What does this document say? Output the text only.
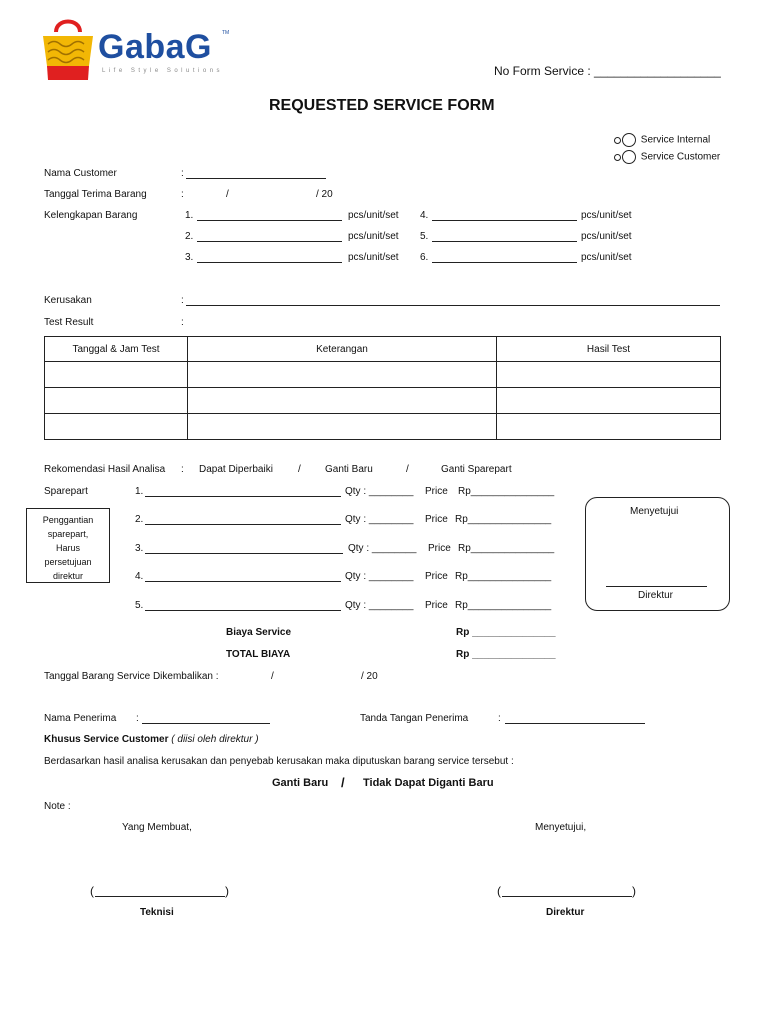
GabaG TM
Life Style Solutions	No Form Service : ___________________
REQUESTED SERVICE FORM
Service Internal
Service Customer
Nama Customer	:
Tanggal Terima Barang	:	/	/ 20
Kelengkapan Barang	1.	pcs/unit/set 4.	pcs/unit/set
2.	pcs/unit/set 5.	pcs/unit/set
3.	pcs/unit/set 6.	pcs/unit/set
Kerusakan	:
Test Result	:
Tanggal & Jam Test	Keterangan	Hasil Test

Rekomendasi Hasil Analisa : Dapat Diperbaiki	/ Ganti Baru	/	Ganti Sparepart
Sparepart	1.	Qty : ________ Price Rp_______________
2.	Qty : ________ Price Rp_______________
3.	Qty : ________ Price Rp_______________
4.	Qty : ________ Price Rp_______________
5.	Qty : ________ Price Rp_______________
Penggantian sparepart, Harus persetujuan direktur
Menyetujui
Direktur
Biaya Service	Rp _______________
TOTAL BIAYA	Rp _______________
Tanggal Barang Service Dikembalikan :	/	/ 20
Nama Penerima :	Tanda Tangan Penerima	:
Khusus Service Customer ( diisi oleh direktur )
Berdasarkan hasil analisa kerusakan dan penyebab kerusakan maka diputuskan barang service tersebut :
Ganti Baru / Tidak Dapat Diganti Baru
Note :
Yang Membuat,	Menyetujui,
(	)	(	)
Teknisi	Direktur
